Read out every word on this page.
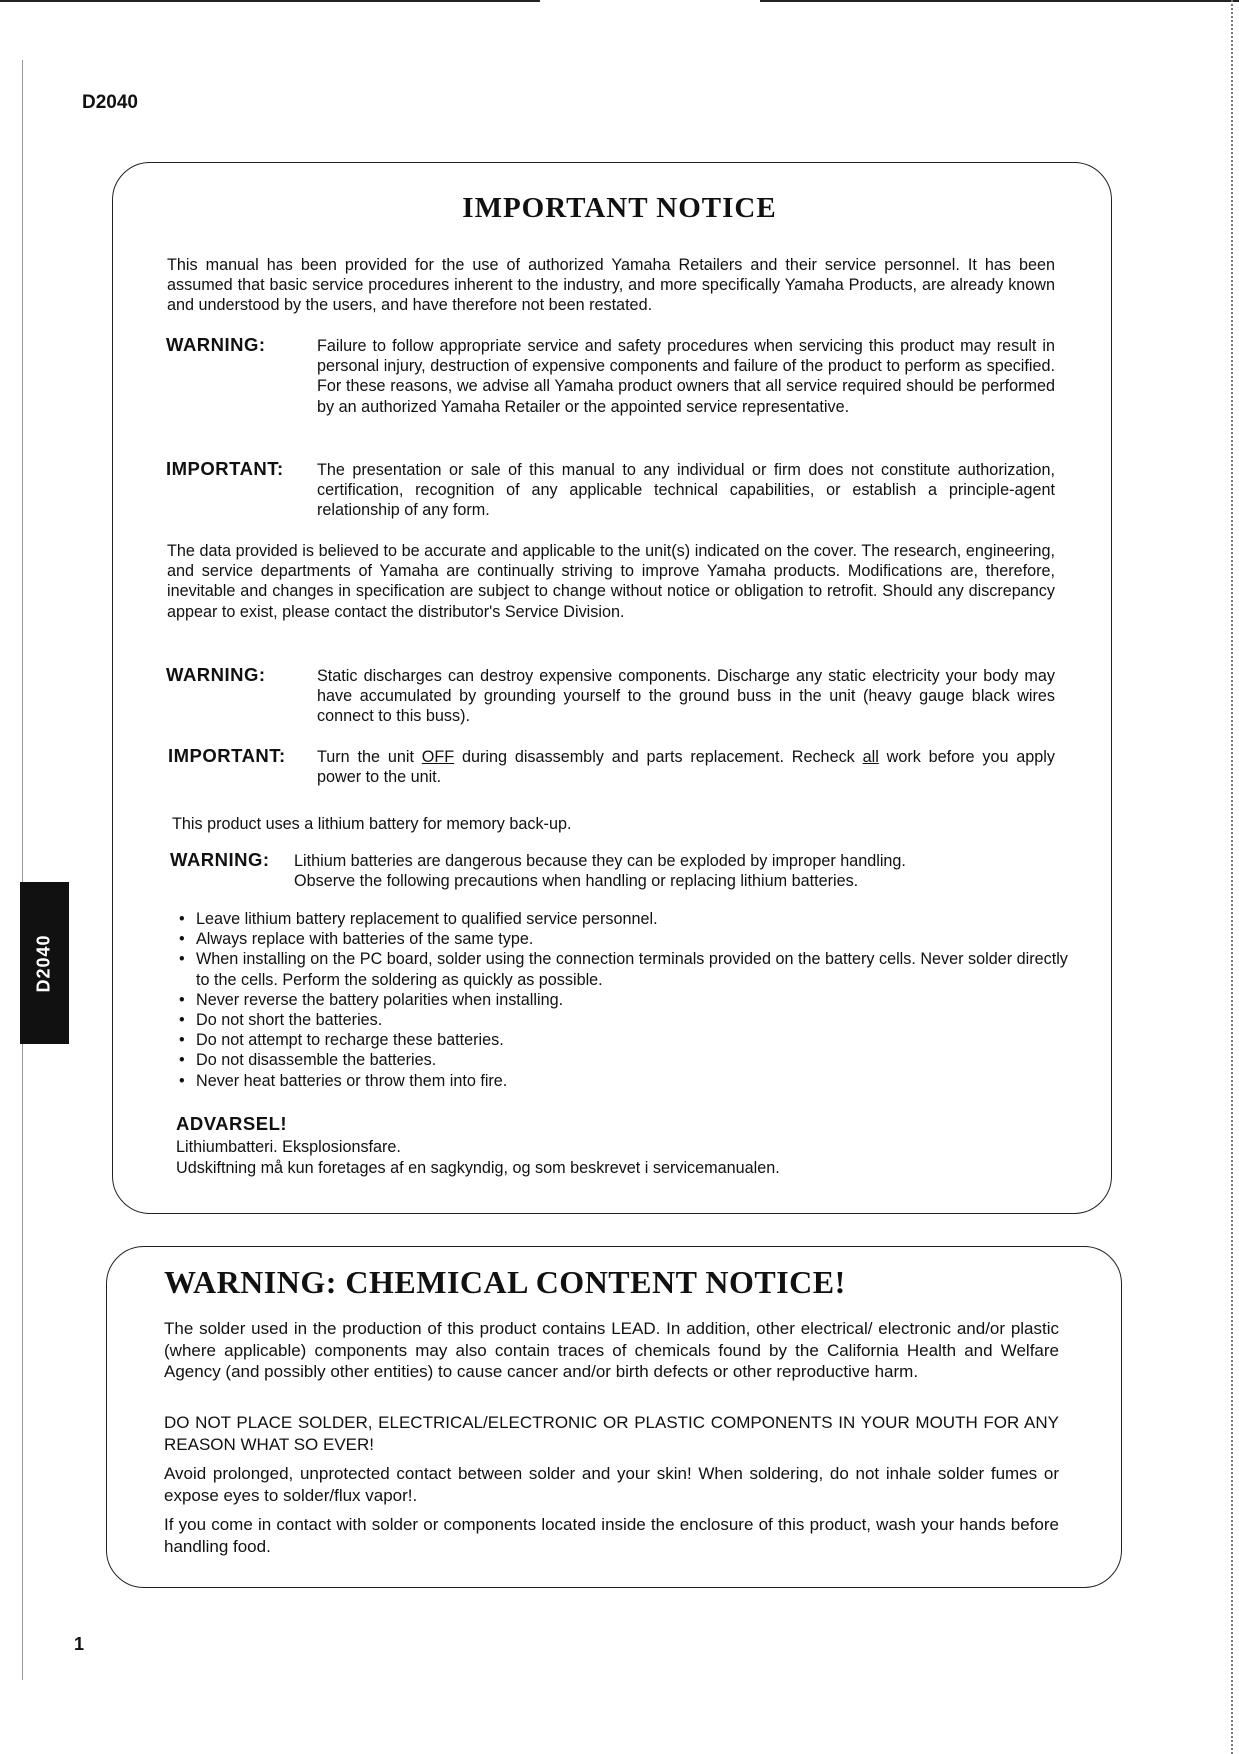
D2040
D2040
IMPORTANT NOTICE
This manual has been provided for the use of authorized Yamaha Retailers and their service personnel. It has been assumed that basic service procedures inherent to the industry, and more specifically Yamaha Products, are already known and understood by the users, and have therefore not been restated.
WARNING:	Failure to follow appropriate service and safety procedures when servicing this product may result in personal injury, destruction of expensive components and failure of the product to perform as specified. For these reasons, we advise all Yamaha product owners that all service required should be performed by an authorized Yamaha Retailer or the appointed service representative.
IMPORTANT: The presentation or sale of this manual to any individual or firm does not constitute authorization, certification, recognition of any applicable technical capabilities, or establish a principle-agent relationship of any form.
The data provided is believed to be accurate and applicable to the unit(s) indicated on the cover. The research, engineering, and service departments of Yamaha are continually striving to improve Yamaha products. Modifications are, therefore, inevitable and changes in specification are subject to change without notice or obligation to retrofit. Should any discrepancy appear to exist, please contact the distributor's Service Division.
WARNING:	Static discharges can destroy expensive components. Discharge any static electricity your body may have accumulated by grounding yourself to the ground buss in the unit (heavy gauge black wires connect to this buss).
IMPORTANT: Turn the unit OFF during disassembly and parts replacement. Recheck all work before you apply power to the unit.
This product uses a lithium battery for memory back-up.
WARNING: Lithium batteries are dangerous because they can be exploded by improper handling.
Observe the following precautions when handling or replacing lithium batteries.
• Leave lithium battery replacement to qualified service personnel.
• Always replace with batteries of the same type.
• When installing on the PC board, solder using the connection terminals provided on the battery cells. Never solder directly to the cells. Perform the soldering as quickly as possible.
• Never reverse the battery polarities when installing.
• Do not short the batteries.
• Do not attempt to recharge these batteries.
• Do not disassemble the batteries.
• Never heat batteries or throw them into fire.
ADVARSEL!
Lithiumbatteri. Eksplosionsfare.
Udskiftning må kun foretages af en sagkyndig, og som beskrevet i servicemanualen.
WARNING: CHEMICAL CONTENT NOTICE!
The solder used in the production of this product contains LEAD. In addition, other electrical/ electronic and/or plastic (where applicable) components may also contain traces of chemicals found by the California Health and Welfare Agency (and possibly other entities) to cause cancer and/or birth defects or other reproductive harm.
DO NOT PLACE SOLDER, ELECTRICAL/ELECTRONIC OR PLASTIC COMPONENTS IN YOUR MOUTH FOR ANY REASON WHAT SO EVER!
Avoid prolonged, unprotected contact between solder and your skin! When soldering, do not inhale solder fumes or expose eyes to solder/flux vapor!.
If you come in contact with solder or components located inside the enclosure of this product, wash your hands before handling food.
1
